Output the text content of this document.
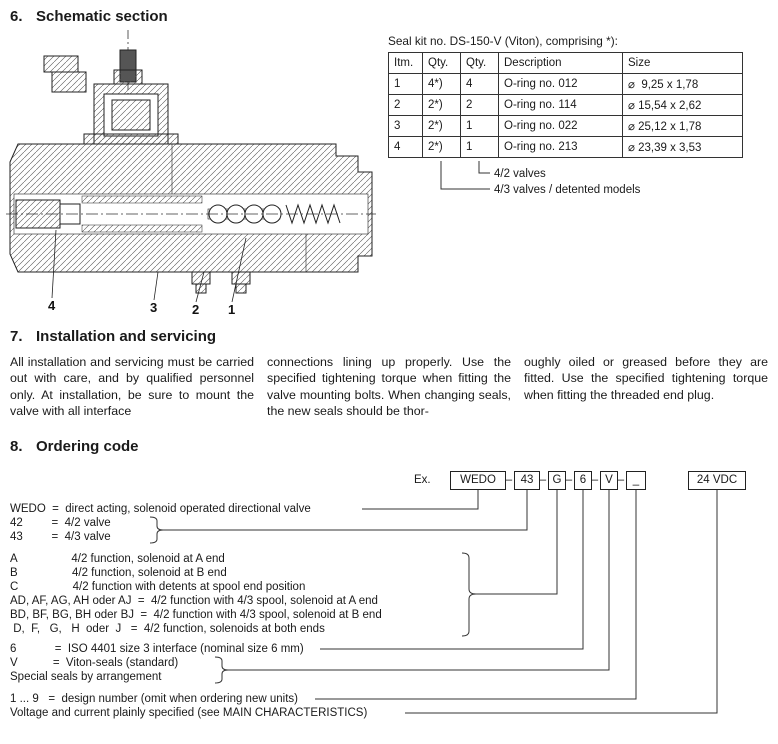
6. Schematic section
4	3	2 1
Seal kit no. DS-150-V (Viton), comprising *):
Itm.	Qty.	Qty.	Description	Size
1	4*)	4	O-ring no. 012	⌀  9,25 x 1,78
2	2*)	2	O-ring no. 114	⌀ 15,54 x 2,62
3	2*)	1	O-ring no. 022	⌀ 25,12 x 1,78
4	2*)	1	O-ring no. 213	⌀ 23,39 x 3,53
4/2 valves
4/3 valves / detented models
7. Installation and servicing
All installation and servicing must be carried out with care, and by qualified personnel only. At installation, be sure to mount the valve with all interface
connections lining up properly. Use the specified tightening torque when fitting the valve mounting bolts. When changing seals, the new seals should be thor-
oughly oiled or greased before they are fitted. Use the specified tightening torque when fitting the threaded end plug.
8. Ordering code
Ex.	WEDO – 43 – G – 6 – V – _	24 VDC
WEDO  =  direct acting, solenoid operated directional valve
42         =  4/2 valve
43         =  4/3 valve
A                 4/2 function, solenoid at A end
B                 4/2 function, solenoid at B end
C                 4/2 function with detents at spool end position
AD, AF, AG, AH oder AJ  =  4/2 function with 4/3 spool, solenoid at A end
BD, BF, BG, BH oder BJ  =  4/2 function with 4/3 spool, solenoid at B end
D,  F,   G,   H  oder  J   =  4/2 function, solenoids at both ends
6            =  ISO 4401 size 3 interface (nominal size 6 mm)
V           =  Viton-seals (standard)
Special seals by arrangement
1 ... 9   =  design number (omit when ordering new units)
Voltage and current plainly specified (see MAIN CHARACTERISTICS)
